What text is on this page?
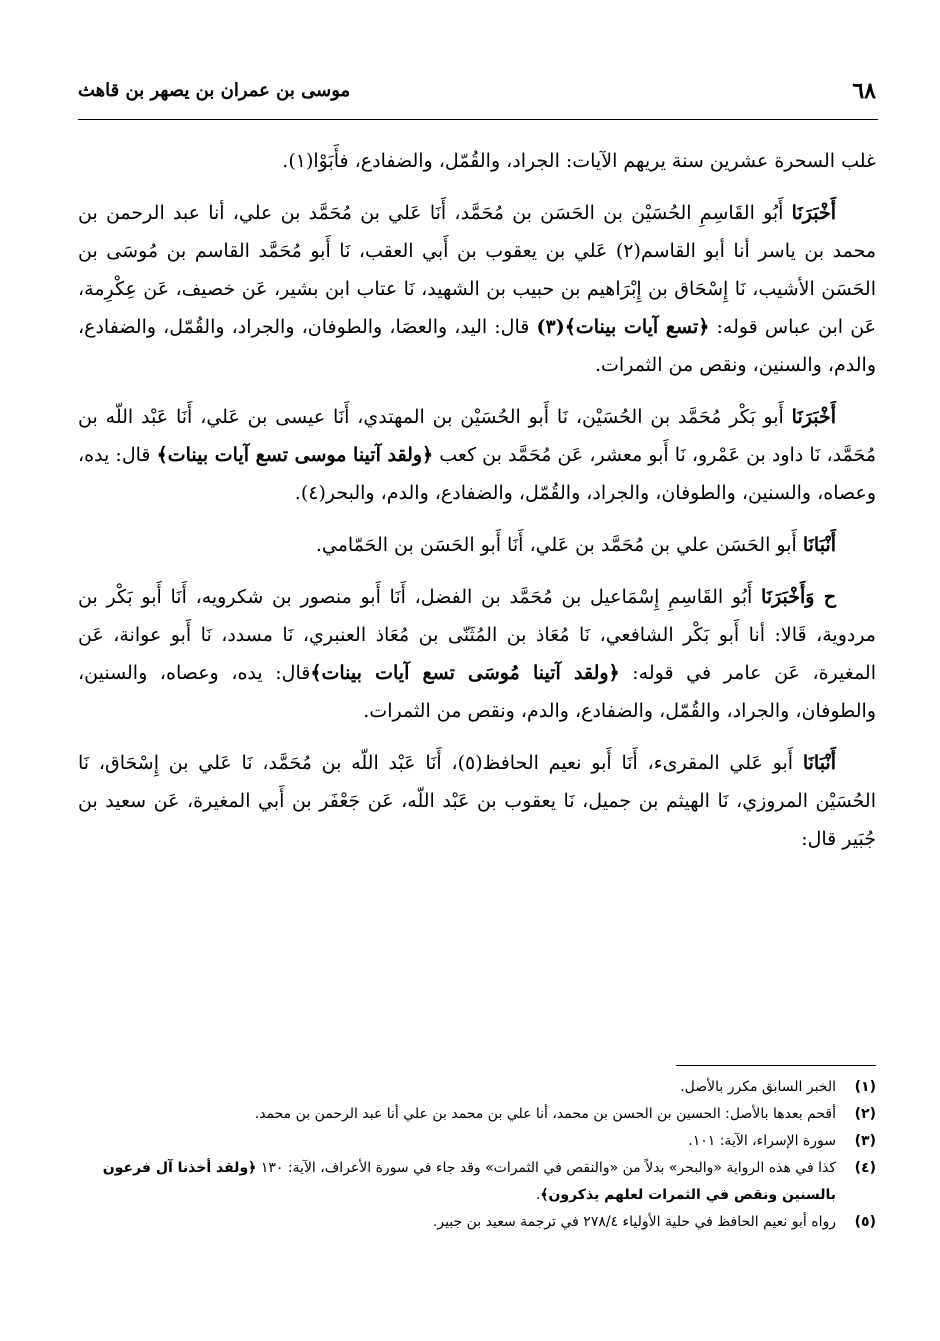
٦٨
موسى بن عمران بن يصهر بن قاهث

غلب السحرة عشرين سنة يريهم الآيات: الجراد، والقُمّل، والضفادع، فأَبَوْا(١).

أَخْبَرَنَا أَبُو القَاسِمِ الحُسَيْن بن الحَسَن بن مُحَمَّد، أَنَا عَلي بن مُحَمَّد بن علي، أنا عبد الرحمن بن محمد بن ياسر أنا أبو القاسم(٢) عَلي بن يعقوب بن أَبي العقب، نَا أَبو مُحَمَّد القاسم بن مُوسَى بن الحَسَن الأشيب، نَا إِسْحَاق بن إِبْرَاهيم بن حبيب بن الشهيد، نَا عتاب ابن بشير، عَن خصيف، عَن عِكْرِمة، عَن ابن عباس قوله: ﴿تسع آيات بينات﴾(٣) قال: اليد، والعصَا، والطوفان، والجراد، والقُمّل، والضفادع، والدم، والسنين، ونقص من الثمرات.

أَخْبَرَنَا أَبو بَكْر مُحَمَّد بن الحُسَيْن، نَا أَبو الحُسَيْن بن المهتدي، أَنَا عيسى بن عَلي، أَنَا عَبْد اللّه بن مُحَمَّد، نَا داود بن عَمْرو، نَا أَبو معشر، عَن مُحَمَّد بن كعب ﴿ولقد آتينا موسى تسع آيات بينات﴾ قال: يده، وعصاه، والسنين، والطوفان، والجراد، والقُمّل، والضفادع، والدم، والبحر(٤).

أَنْبَانَا أَبو الحَسَن علي بن مُحَمَّد بن عَلي، أَنَا أَبو الحَسَن بن الحَمّامي.

ح وَأَخْبَرَنَا أَبُو القَاسِمِ إِسْمَاعيل بن مُحَمَّد بن الفضل، أَنَا أَبو منصور بن شكرويه، أَنَا أَبو بَكْر بن مردوية، قَالا: أنا أَبو بَكْر الشافعي، نَا مُعَاذ بن المُثَنّى بن مُعَاذ العنبري، نَا مسدد، نَا أَبو عوانة، عَن المغيرة، عَن عامر في قوله: ﴿ولقد آتينا مُوسَى تسع آيات بينات﴾قال: يده، وعصاه، والسنين، والطوفان، والجراد، والقُمّل، والضفادع، والدم، ونقص من الثمرات.

أَنْبَانَا أَبو عَلي المقرىء، أَنَا أَبو نعيم الحافظ(٥)، أَنَا عَبْد اللّه بن مُحَمَّد، نَا عَلي بن إِسْحَاق، نَا الحُسَيْن المروزي، نَا الهيثم بن جميل، نَا يعقوب بن عَبْد اللّه، عَن جَعْفَر بن أَبي المغيرة، عَن سعيد بن جُبَير قال:

(١)
الخبر السابق مكرر بالأصل.
(٢)
أقحم بعدها بالأصل: الحسين بن الحسن بن محمد، أنا علي بن محمد بن علي أنا عبد الرحمن بن محمد.
(٣)
سورة الإسراء، الآية: ١٠١.
(٤)
كذا في هذه الرواية «والبحر» بدلاً من «والنقص في الثمرات» وقد جاء في سورة الأعراف، الآية: ١٣٠ ﴿ولقد أخذنا آل فرعون بالسنين ونقص في الثمرات لعلهم يذكرون﴾.
(٥)
رواه أبو نعيم الحافظ في حلية الأولياء ٢٧٨/٤ في ترجمة سعيد بن جبير.
